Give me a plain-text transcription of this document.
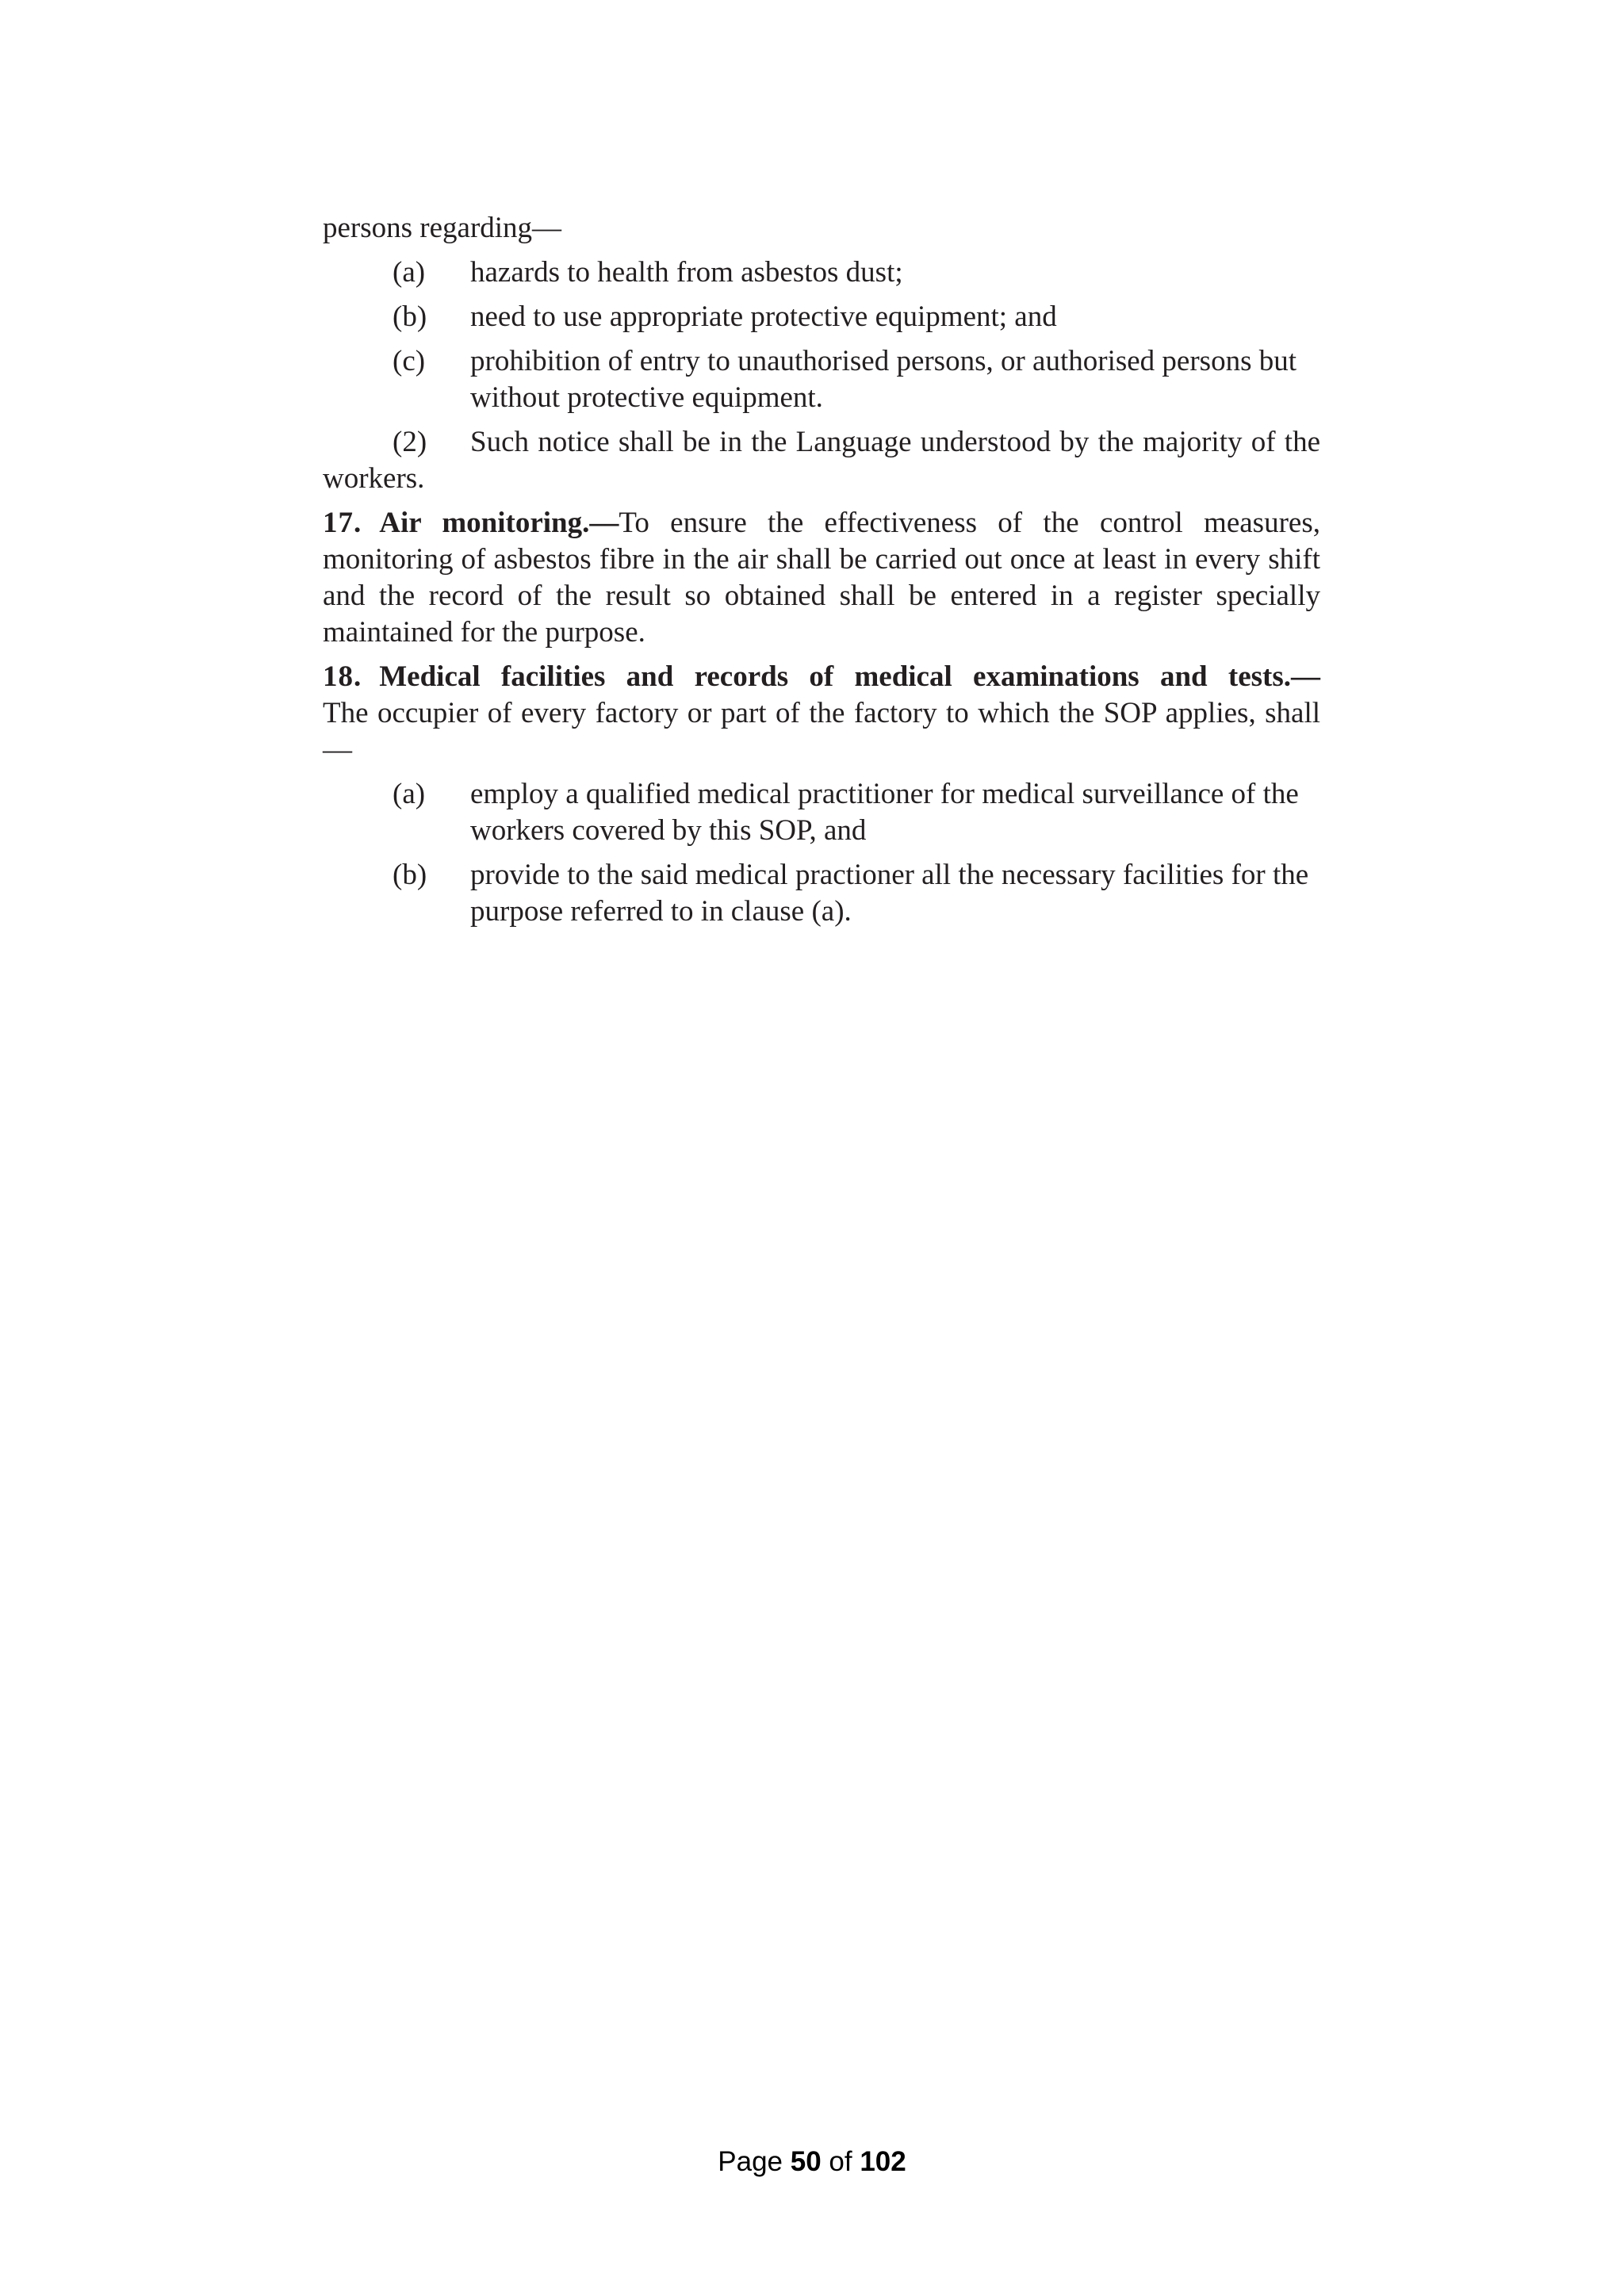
persons regarding—

(a) hazards to health from asbestos dust;
(b) need to use appropriate protective equipment; and
(c) prohibition of entry to unauthorised persons, or authorised persons but without protective equipment.

(2) Such notice shall be in the Language understood by the majority of the workers.

17. Air monitoring.—To ensure the effectiveness of the control measures, monitoring of asbestos fibre in the air shall be carried out once at least in every shift and the record of the result so obtained shall be entered in a register specially maintained for the purpose.

18. Medical facilities and records of medical examinations and tests.—
The occupier of every factory or part of the factory to which the SOP applies, shall—
(a) employ a qualified medical practitioner for medical surveillance of the workers covered by this SOP, and
(b) provide to the said medical practioner all the necessary facilities for the purpose referred to in clause (a).
Page 50 of 102
